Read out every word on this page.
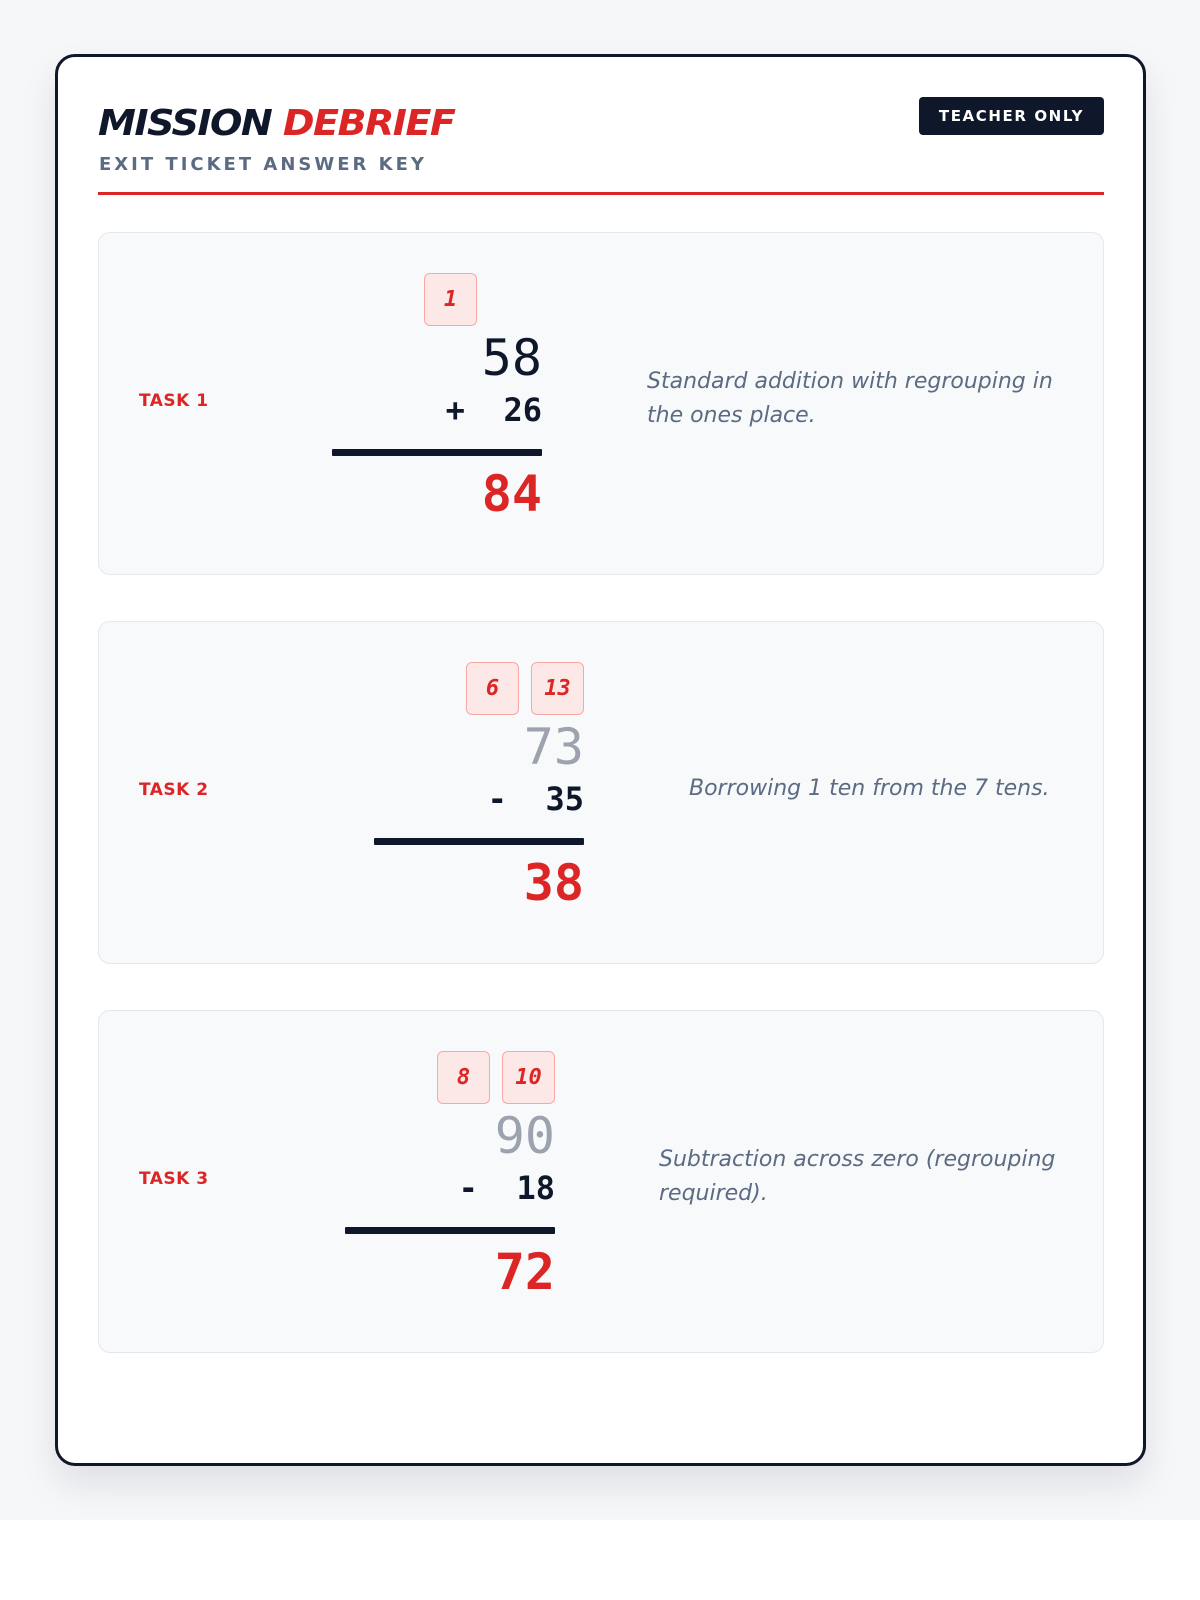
MISSION DEBRIEF
EXIT TICKET ANSWER KEY
TEACHER ONLY
TASK 1
1
58
+ 26
84
Standard addition with regrouping in the ones place.
TASK 2
6	13
73
- 35
38
Borrowing 1 ten from the 7 tens.
TASK 3
8	10
90
- 18
72
Subtraction across zero (regrouping required).
